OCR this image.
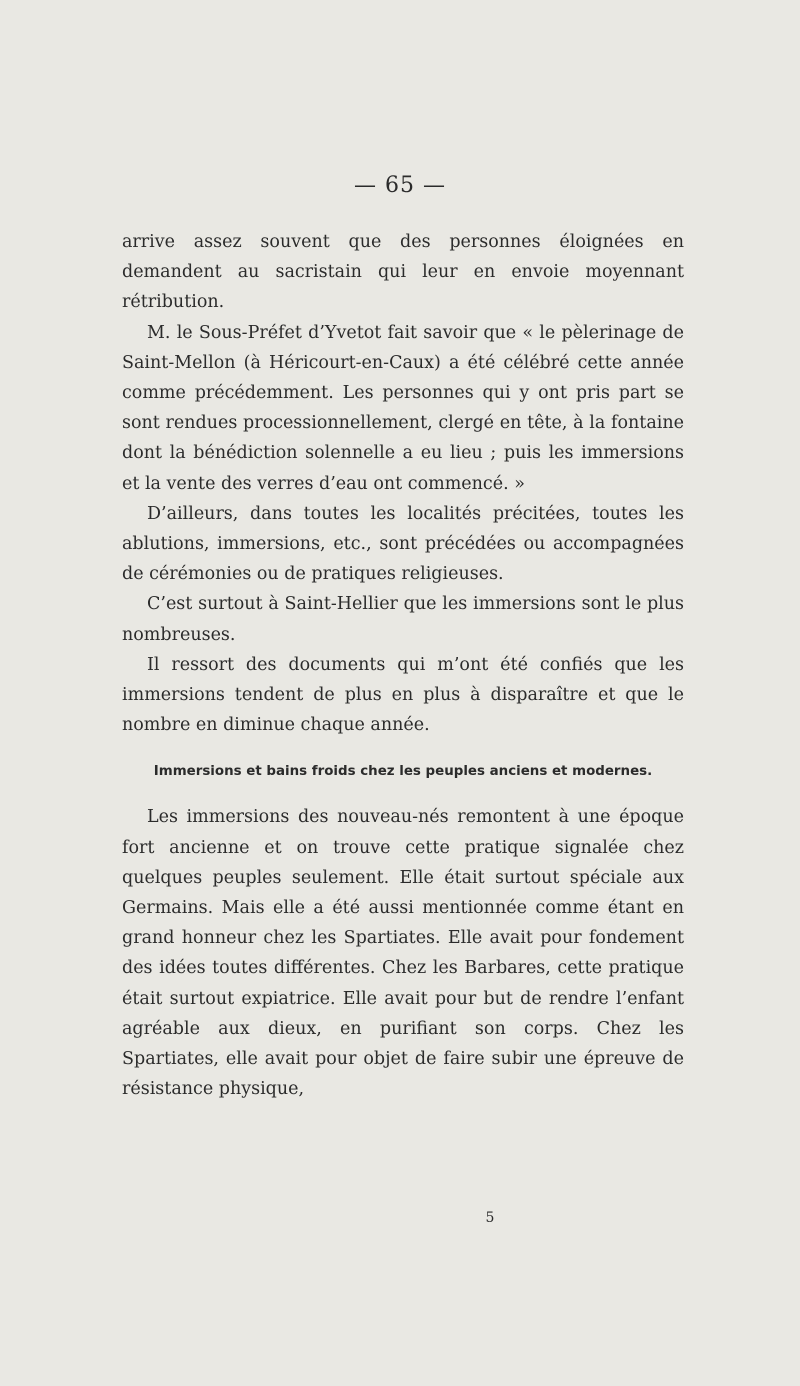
— 65 —

arrive assez souvent que des personnes éloignées en demandent au sacristain qui leur en envoie moyennant rétribution.

M. le Sous-Préfet d’Yvetot fait savoir que « le pèlerinage de Saint-Mellon (à Héricourt-en-Caux) a été célébré cette année comme précédemment. Les personnes qui y ont pris part se sont rendues processionnellement, clergé en tête, à la fontaine dont la bénédiction solennelle a eu lieu ; puis les immersions et la vente des verres d’eau ont commencé. »

D’ailleurs, dans toutes les localités précitées, toutes les ablutions, immersions, etc., sont précédées ou accompagnées de cérémonies ou de pratiques religieuses.

C’est surtout à Saint-Hellier que les immersions sont le plus nombreuses.

Il ressort des documents qui m’ont été confiés que les immersions tendent de plus en plus à disparaître et que le nombre en diminue chaque année.

Immersions et bains froids chez les peuples anciens et modernes.

Les immersions des nouveau-nés remontent à une époque fort ancienne et on trouve cette pratique signalée chez quelques peuples seulement. Elle était surtout spéciale aux Germains. Mais elle a été aussi mentionnée comme étant en grand honneur chez les Spartiates. Elle avait pour fondement des idées toutes différentes. Chez les Barbares, cette pratique était surtout expiatrice. Elle avait pour but de rendre l’enfant agréable aux dieux, en purifiant son corps. Chez les Spartiates, elle avait pour objet de faire subir une épreuve de résistance physique,

5
